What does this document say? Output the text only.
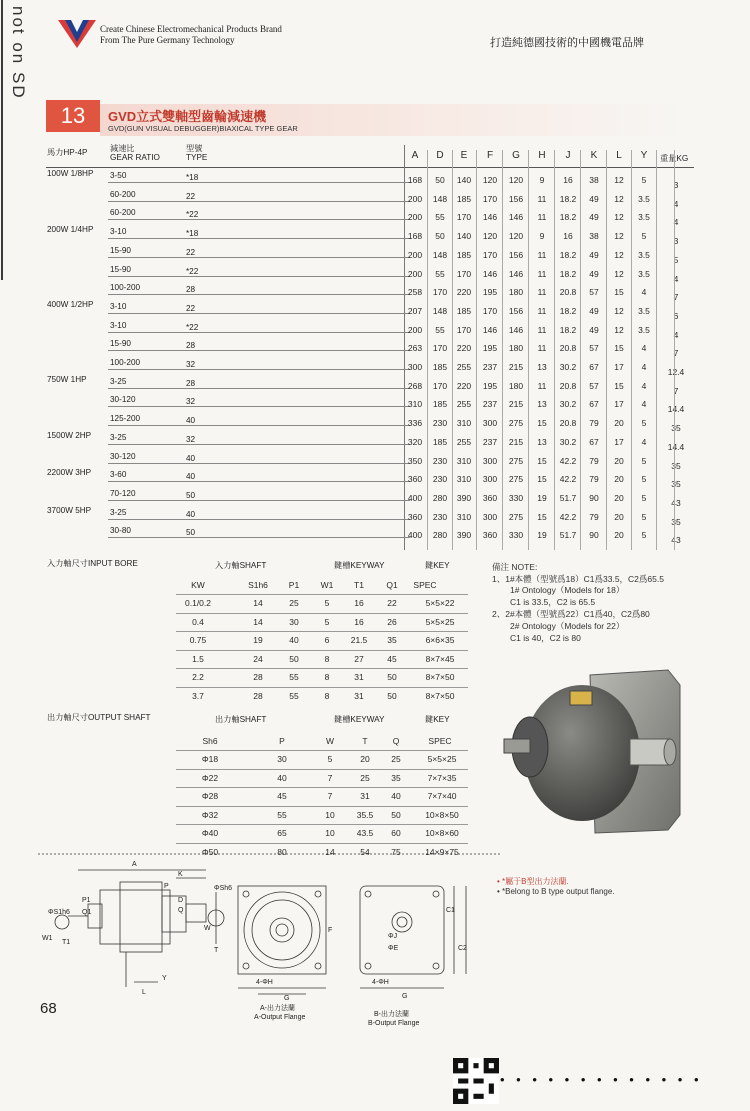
not on SD	Create Chinese Electromechanical Products Brand
From The Pure Germany Technology	打造純德國技術的中國機電品牌
13	GVD立式雙軸型齒輪減速機
GVD(GUN VISUAL DEBUGGER)BIAXICAL TYPE GEAR
備注 NOTE:
1、1#本體（型號爲18）C1爲33.5，C2爲65.5
1# Ontology（Models for 18）
C1 is 33.5，C2 is 65.5
2、2#本體（型號爲22）C1爲40，C2爲80
2# Ontology（Models for 22）
C1 is 40，C2 is 80
• *屬于B型出力法蘭.
• *Belong to B type output flange.
A
K
P
D
Q
P1
Q1
W1
T1
ΦS1h6
L
Y
ΦSh6
W
T
4-ΦH
G
F
C1
C2
ΦJ
ΦE
4-ΦH
G
A-出力法蘭
A-Output Flange	B-出力法蘭
B-Output Flange
68
• • • • • • • • • • • • •
馬力HP-4P	減速比
GEAR RATIO
型號
TYPE	A	D	E	F	G	H	J	K	L	Y	重量KG
100W 1/8HP 3-50	*18	168	50	140	120	120	9	16	38	12	5	3
60-200	22	200	148	185	170	156	11	18.2	49	12	3.5	4
60-200	*22	200	55	170	146	146	11	18.2	49	12	3.5	4
200W 1/4HP 3-10	*18	168	50	140	120	120	9	16	38	12	5	3
15-90	22	200	148	185	170	156	11	18.2	49	12	3.5	5
15-90	*22	200	55	170	146	146	11	18.2	49	12	3.5	4
100-200	28	258	170	220	195	180	11	20.8	57	15	4	7
400W 1/2HP 3-10	22	207	148	185	170	156	11	18.2	49	12	3.5	6
3-10	*22	200	55	170	146	146	11	18.2	49	12	3.5	4
15-90	28	263	170	220	195	180	11	20.8	57	15	4	7
100-200	32	300	185	255	237	215	13	30.2	67	17	4	12.4
750W 1HP	3-25	28	268	170	220	195	180	11	20.8	57	15	4	7
30-120	32	310	185	255	237	215	13	30.2	67	17	4	14.4
125-200	40	336	230	310	300	275	15	20.8	79	20	5	35
1500W 2HP 3-25	32	320	185	255	237	215	13	30.2	67	17	4	14.4
30-120	40	350	230	310	300	275	15	42.2	79	20	5	35
2200W 3HP 3-60	40	360	230	310	300	275	15	42.2	79	20	5	35
70-120	50	400	280	390	360	330	19	51.7	90	20	5	43
3700W 5HP 3-25	40	360	230	310	300	275	15	42.2	79	20	5	35
30-80	50	400	280	390	360	330	19	51.7	90	20	5	43
入力軸尺寸INPUT BORE	入力軸SHAFT	鍵槽KEYWAY	鍵KEY
KW	S1h6	P1	W1	T1	Q1	SPEC
0.1/0.2	14	25	5	16	22	5×5×22
0.4	14	30	5	16	26	5×5×25
0.75	19	40	6	21.5	35	6×6×35
1.5	24	50	8	27	45	8×7×45
2.2	28	55	8	31	50	8×7×50
3.7	28	55	8	31	50	8×7×50
出力軸尺寸OUTPUT SHAFT	出力軸SHAFT	鍵槽KEYWAY	鍵KEY
Sh6	P	W	T	Q	SPEC
Φ18	30	5	20	25	5×5×25
Φ22	40	7	25	35	7×7×35
Φ28	45	7	31	40	7×7×40
Φ32	55	10	35.5	50	10×8×50
Φ40	65	10	43.5	60	10×8×60
Φ50	80	14	54	75	14×9×75
